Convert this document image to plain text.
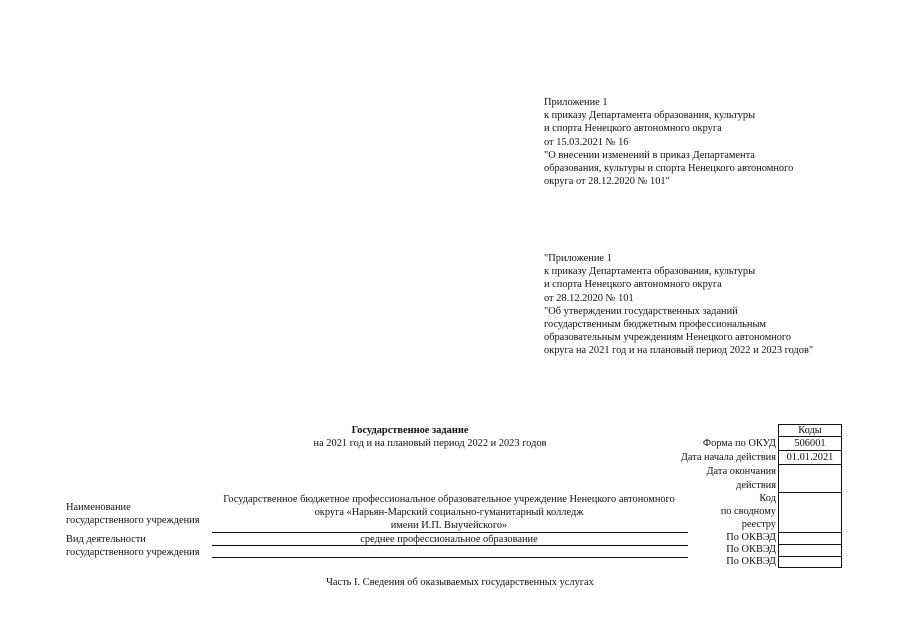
Приложение 1
к приказу Департамента образования, культуры
и спорта Ненецкого автономного округа
от 15.03.2021 № 16
"О внесении изменений в приказ Департамента
образования, культуры и спорта Ненецкого автономного
округа от 28.12.2020 № 101"
"Приложение 1
к приказу Департамента образования, культуры
и спорта Ненецкого автономного округа
от 28.12.2020 № 101
"Об утверждении государственных заданий
государственным бюджетным профессиональным
образовательным учреждениям Ненецкого автономного
округа на 2021 год и на плановый период 2022 и 2023 годов"
Государственное задание
на 2021 год и на плановый период 2022 и 2023 годов	Форма по ОКУД
Дата начала действия
Дата окончания
действия
Код
по сводному
реестру
По ОКВЭД
По ОКВЭД
По ОКВЭД
Коды
506001
01.01.2021
Наименование
государственного учреждения
Государственное бюджетное профессиональное образовательное учреждение Ненецкого автономного
округа «Нарьян-Марский социально-гуманитарный колледж
имени И.П. Выучейского»
Вид деятельности
государственного учреждения
среднее профессиональное образование
Часть I. Сведения об оказываемых государственных услугах
